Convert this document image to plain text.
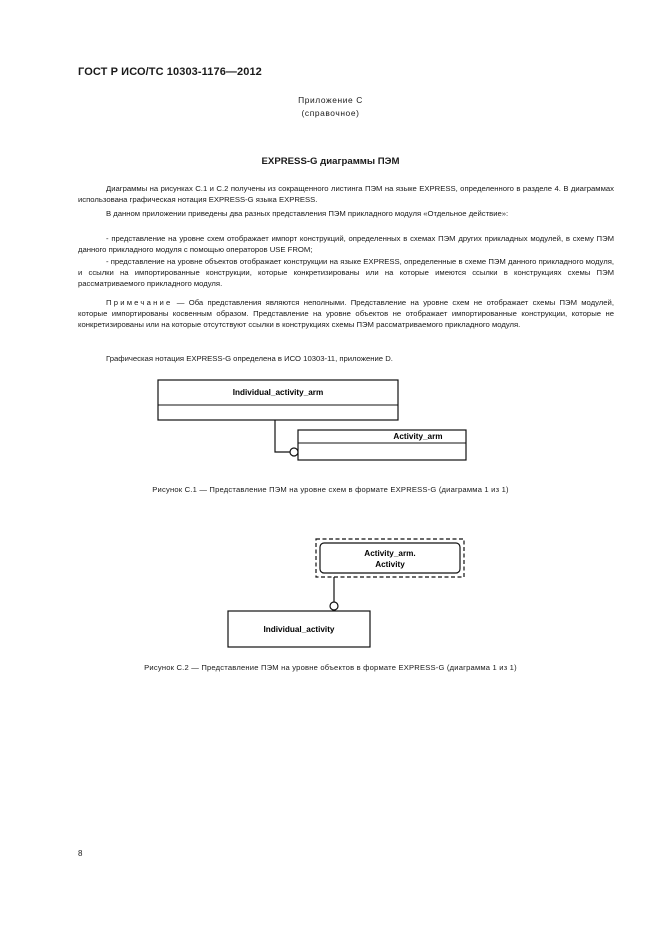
ГОСТ Р ИСО/ТС 10303-1176—2012
Приложение C
(справочное)
EXPRESS-G диаграммы ПЭМ
Диаграммы на рисунках С.1 и С.2 получены из сокращенного листинга ПЭМ на языке EXPRESS, определенного в разделе 4. В диаграммах использована графическая нотация EXPRESS-G языка EXPRESS.
В данном приложении приведены два разных представления ПЭМ прикладного модуля «Отдельное действие»:
- представление на уровне схем отображает импорт конструкций, определенных в схемах ПЭМ других прикладных модулей, в схему ПЭМ данного прикладного модуля с помощью операторов USE FROM;
- представление на уровне объектов отображает конструкции на языке EXPRESS, определенные в схеме ПЭМ данного прикладного модуля, и ссылки на импортированные конструкции, которые конкретизированы или на которые имеются ссылки в конструкциях схемы ПЭМ рассматриваемого прикладного модуля.
Примечание — Оба представления являются неполными. Представление на уровне схем не отображает схемы ПЭМ модулей, которые импортированы косвенным образом. Представление на уровне объектов не отображает импортированные конструкции, которые не конкретизированы или на которые отсутствуют ссылки в конструкциях схемы ПЭМ рассматриваемого прикладного модуля.
Графическая нотация EXPRESS-G определена в ИСО 10303-11, приложение D.
Individual_activity_arm
Activity_arm
Рисунок С.1 — Представление ПЭМ на уровне схем в формате EXPRESS-G (диаграмма 1 из 1)
Activity_arm.
Activity
Individual_activity
Рисунок С.2 — Представление ПЭМ на уровне объектов в формате EXPRESS-G (диаграмма 1 из 1)
8
